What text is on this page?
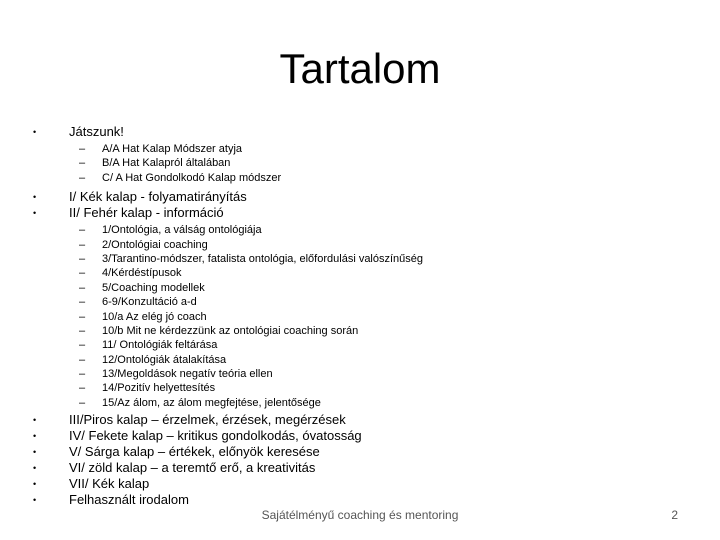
Tartalom
•	Játszunk!
– A/A Hat Kalap Módszer atyja
– B/A Hat Kalapról általában
– C/ A Hat Gondolkodó Kalap módszer
•	I/ Kék kalap - folyamatirányítás
•	II/ Fehér kalap - információ
– 1/Ontológia, a válság ontológiája
– 2/Ontológiai coaching
– 3/Tarantino-módszer, fatalista ontológia, előfordulási valószínűség
– 4/Kérdéstípusok
– 5/Coaching modellek
– 6-9/Konzultáció a-d
– 10/a Az elég jó coach
– 10/b Mit ne kérdezzünk az ontológiai coaching során
– 11/ Ontológiák feltárása
– 12/Ontológiák átalakítása
– 13/Megoldások negatív teória ellen
– 14/Pozitív helyettesítés
– 15/Az álom, az álom megfejtése, jelentősége
•	III/Piros kalap – érzelmek, érzések, megérzések
•	IV/ Fekete kalap – kritikus gondolkodás, óvatosság
•	V/ Sárga kalap – értékek, előnyök keresése
•	VI/ zöld kalap – a teremtő erő, a kreativitás
•	VII/ Kék kalap
•	Felhasznált irodalom
Sajátélményű coaching és mentoring	2
